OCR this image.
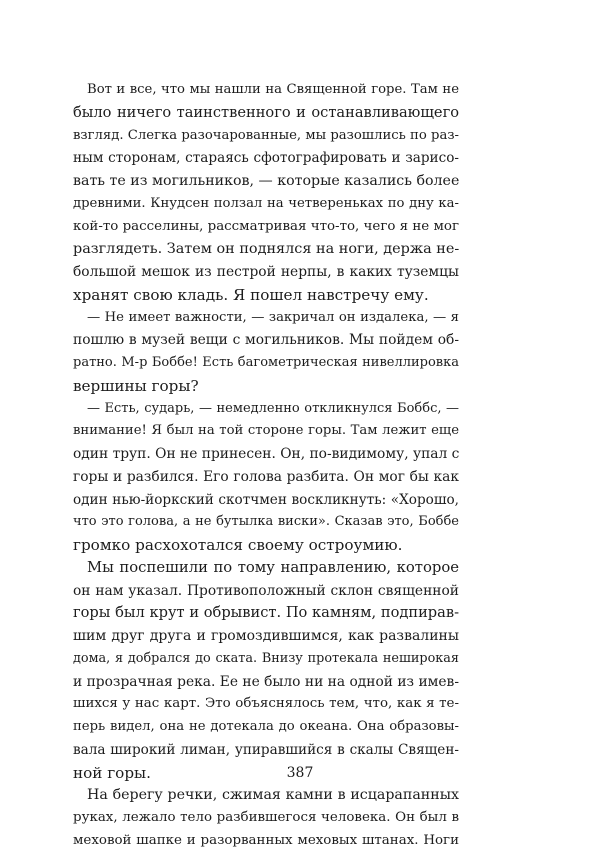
Вот и все, что мы нашли на Священной горе. Там не
было ничего таинственного и останавливающего
взгляд. Слегка разочарованные, мы разошлись по раз-
ным сторонам, стараясь сфотографировать и зарисо-
вать те из могильников, — которые казались более
древними. Кнудсен ползал на четвереньках по дну ка-
кой-то расселины, рассматривая что-то, чего я не мог
разглядеть. Затем он поднялся на ноги, держа не-
большой мешок из пестрой нерпы, в каких туземцы
хранят свою кладь. Я пошел навстречу ему.
— Не имеет важности, — закричал он издалека, — я
пошлю в музей вещи с могильников. Мы пойдем об-
ратно. М-р Боббе! Есть багометрическая нивеллировка
вершины горы?
— Есть, сударь, — немедленно откликнулся Боббс, —
внимание! Я был на той стороне горы. Там лежит еще
один труп. Он не принесен. Он, по-видимому, упал с
горы и разбился. Его голова разбита. Он мог бы как
один нью-йоркский скотчмен воскликнуть: «Хорошо,
что это голова, а не бутылка виски». Сказав это, Боббе
громко расхохотался своему остроумию.
Мы поспешили по тому направлению, которое
он нам указал. Противоположный склон священной
горы был крут и обрывист. По камням, подпирав-
шим друг друга и громоздившимся, как развалины
дома, я добрался до ската. Внизу протекала неширокая
и прозрачная река. Ее не было ни на одной из имев-
шихся у нас карт. Это объяснялось тем, что, как я те-
перь видел, она не дотекала до океана. Она образовы-
вала широкий лиман, упиравшийся в скалы Священ-
ной горы.
На берегу речки, сжимая камни в исцарапанных
руках, лежало тело разбившегося человека. Он был в
меховой шапке и разорванных меховых штанах. Ноги
387
